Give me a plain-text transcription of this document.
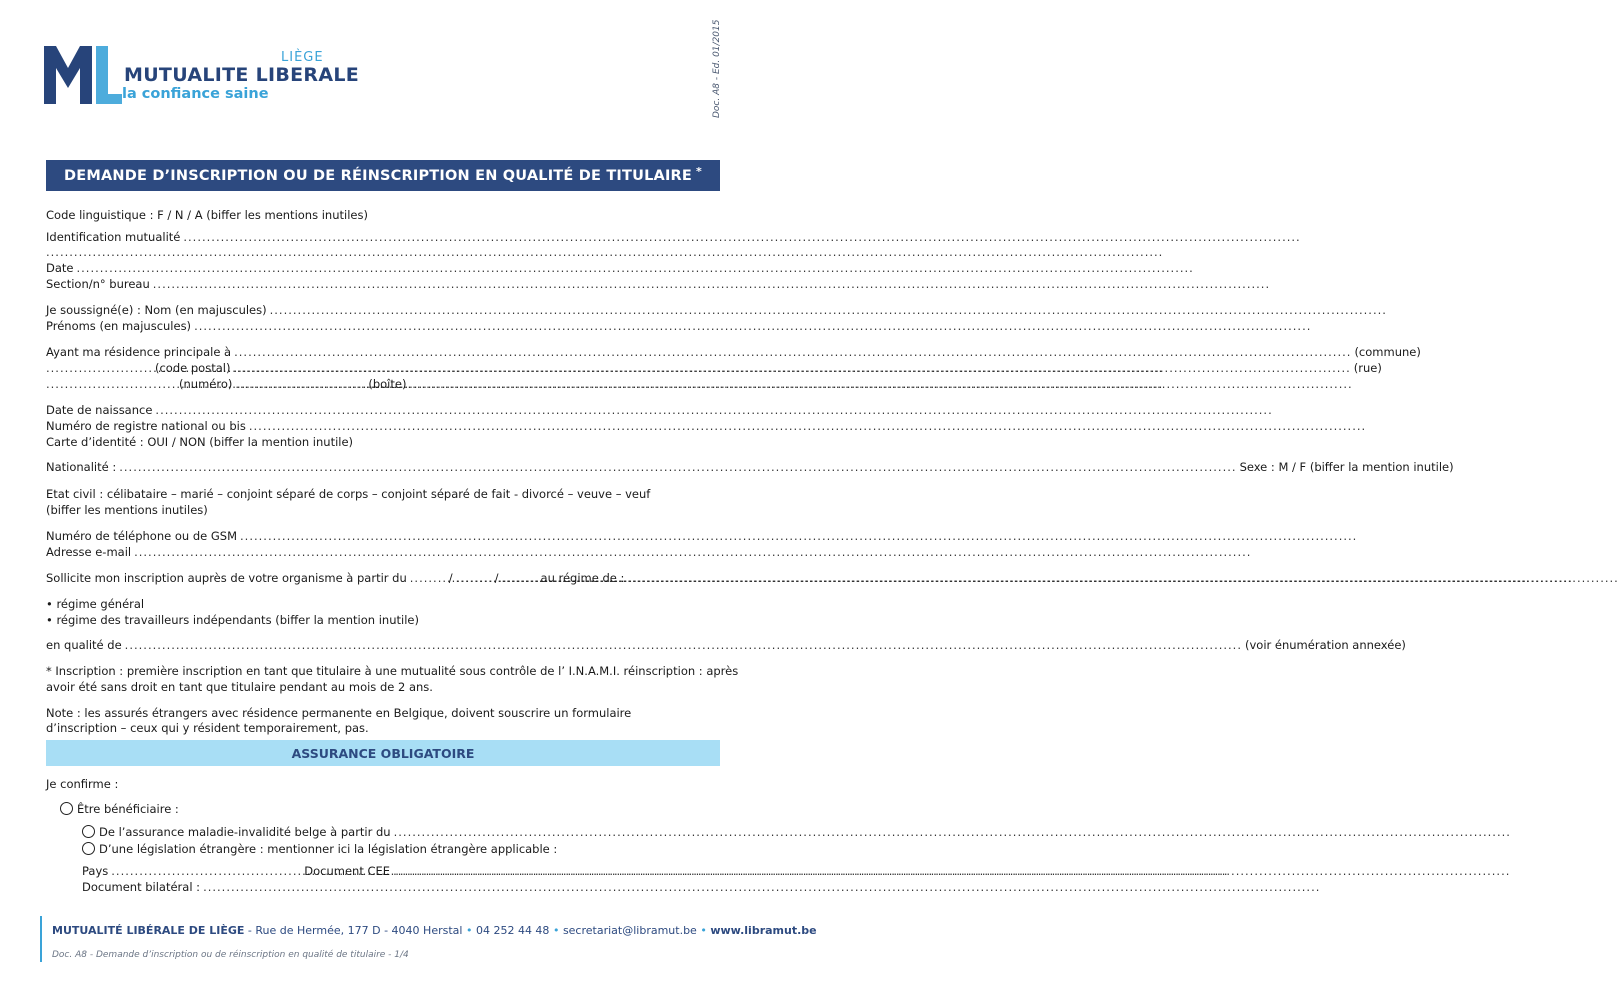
Doc. A8 - Ed. 01/2015
LIÈGE
MUTUALITE LIBERALE
la confiance saine
DEMANDE D’INSCRIPTION OU DE RÉINSCRIPTION EN QUALITÉ DE TITULAIRE *
Code linguistique : F / N / A (biffer les mentions inutiles)
Identification mutualité
.....
.....
Date
.....
Section/n° bureau
.....
Je soussigné(e) : Nom (en majuscules)
.....
Prénoms (en majuscules)
.....
Ayant ma résidence principale à .....	(commune)
.....
(code postal) .....	(rue)
.....
(numéro) .....	(boîte)
Date de naissance
.....
Numéro de registre national ou bis
.....
Carte d’identité : OUI / NON (biffer la mention inutile)
Nationalité : .....	Sexe : M / F (biffer la mention inutile)
Etat civil : célibataire – marié – conjoint séparé de corps – conjoint séparé de fait - divorcé – veuve – veuf
(biffer les mentions inutiles)
Numéro de téléphone ou de GSM
.....
Adresse e-mail
.....
Sollicite mon inscription auprès de votre organisme à partir du .....	/ .....	/ .....	au régime de :
• régime général
• régime des travailleurs indépendants (biffer la mention inutile)
en qualité de .....	(voir énumération annexée)
* Inscription : première inscription en tant que titulaire à une mutualité sous contrôle de l’ I.N.A.M.I. réinscription : après
avoir été sans droit en tant que titulaire pendant au mois de 2 ans.
Note : les assurés étrangers avec résidence permanente en Belgique, doivent souscrire un formulaire
d’inscription – ceux qui y résident temporairement, pas.
ASSURANCE OBLIGATOIRE
Je confirme :
Être bénéficiaire :
De l’assurance maladie-invalidité belge à partir du
.....
D’une législation étrangère : mentionner ici la législation étrangère applicable :
Pays .....	Document CEE
.....
Document bilatéral :
.....
MUTUALITÉ LIBÉRALE DE LIÈGE - Rue de Hermée, 177 D - 4040 Herstal • 04 252 44 48 • secretariat@libramut.be • www.libramut.be
Doc. A8 - Demande d’inscription ou de réinscription en qualité de titulaire - 1/4
